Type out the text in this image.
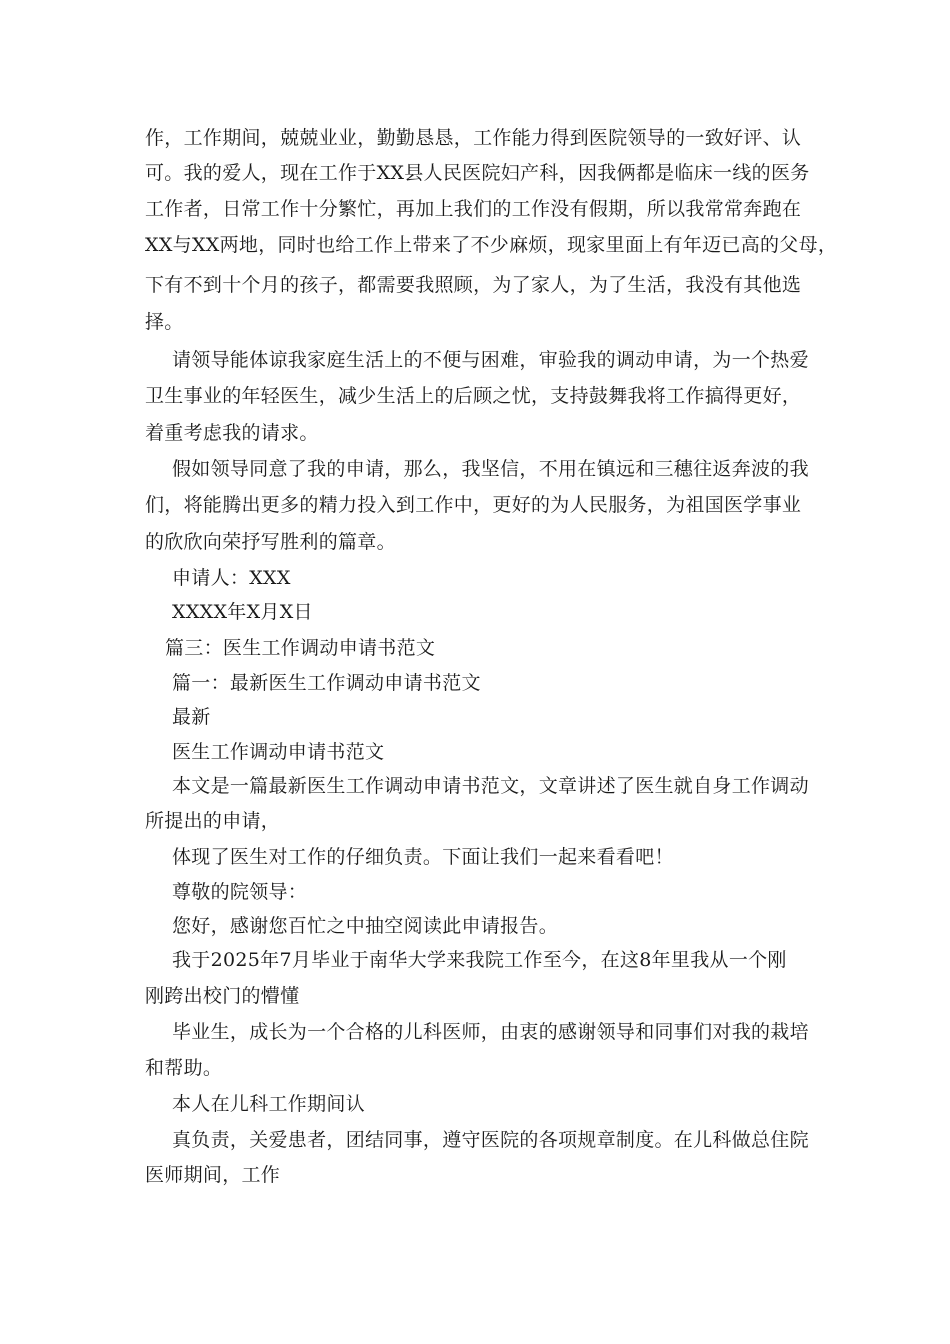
作，工作期间，兢兢业业，勤勤恳恳，工作能力得到医院领导的一致好评、认
可。我的爱人，现在工作于XX县人民医院妇产科，因我俩都是临床一线的医务
工作者，日常工作十分繁忙，再加上我们的工作没有假期，所以我常常奔跑在
XX与XX两地，同时也给工作上带来了不少麻烦，现家里面上有年迈已高的父母，
下有不到十个月的孩子，都需要我照顾，为了家人，为了生活，我没有其他选
择。
请领导能体谅我家庭生活上的不便与困难，审验我的调动申请，为一个热爱
卫生事业的年轻医生，减少生活上的后顾之忧，支持鼓舞我将工作搞得更好，
着重考虑我的请求。
假如领导同意了我的申请，那么，我坚信，不用在镇远和三穗往返奔波的我
们，将能腾出更多的精力投入到工作中，更好的为人民服务，为祖国医学事业
的欣欣向荣抒写胜利的篇章。
申请人：XXX
XXXX年X月X日
篇三：医生工作调动申请书范文
篇一：最新医生工作调动申请书范文
最新
医生工作调动申请书范文
本文是一篇最新医生工作调动申请书范文，文章讲述了医生就自身工作调动
所提出的申请，
体现了医生对工作的仔细负责。下面让我们一起来看看吧！
尊敬的院领导：
您好，感谢您百忙之中抽空阅读此申请报告。
我于2025年7月毕业于南华大学来我院工作至今，在这8年里我从一个刚
刚跨出校门的懵懂
毕业生，成长为一个合格的儿科医师，由衷的感谢领导和同事们对我的栽培
和帮助。
本人在儿科工作期间认
真负责，关爱患者，团结同事，遵守医院的各项规章制度。在儿科做总住院
医师期间，工作
